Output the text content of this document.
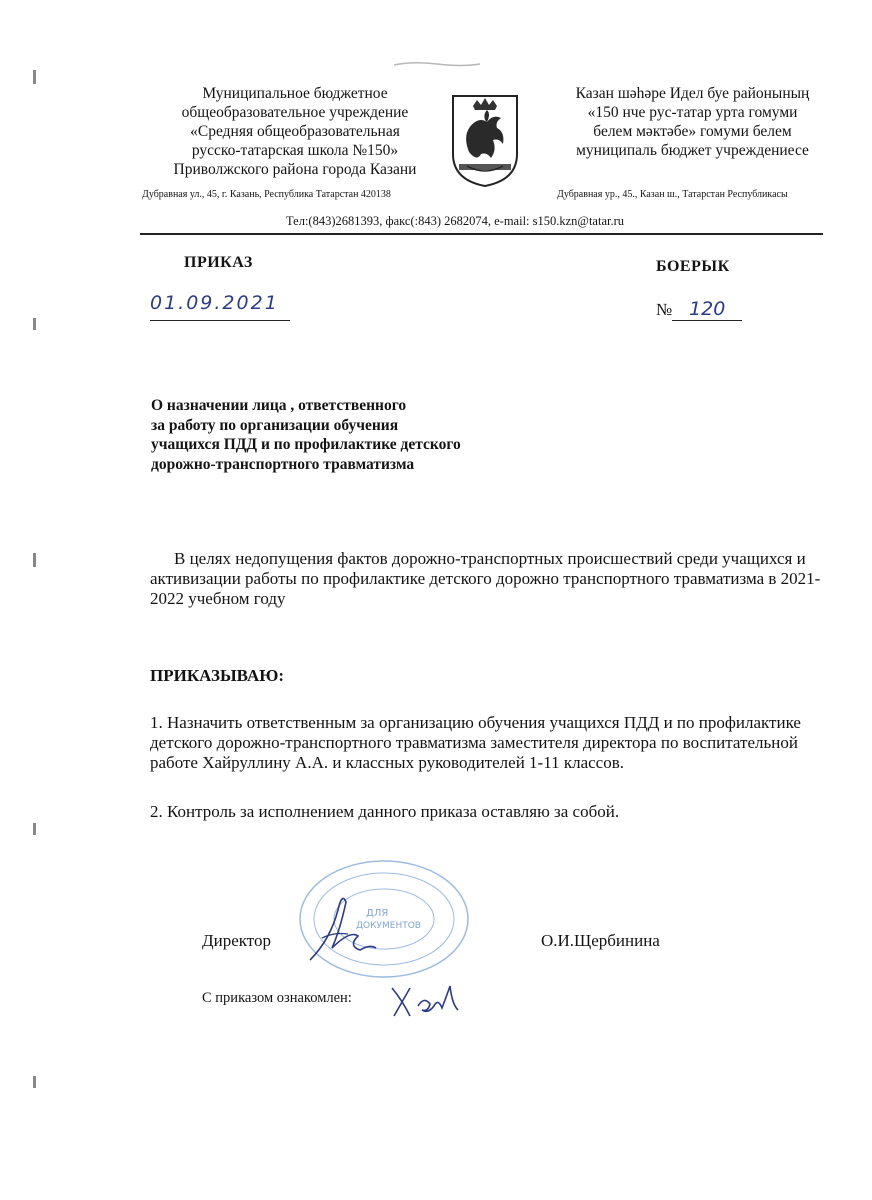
Муниципальное бюджетное
общеобразовательное учреждение
«Средняя общеобразовательная
русско-татарская школа №150»
Приволжского района города Казани
Казан шәһәре Идел буе районының
«150 нче рус-татар урта гомуми
белем мәктәбе» гомуми белем
муниципаль бюджет учреждениесе
Дубравная ул., 45, г. Казань, Республика Татарстан 420138	Дубравная ур., 45., Казан ш., Татарстан Республикасы
Тел:(843)2681393, факс(:843) 2682074, e-mail: s150.kzn@tatar.ru
ПРИКАЗ	БОЕРЫК
01.09.2021	№ 120
О назначении лица , ответственного
за работу по организации обучения
учащихся ПДД и по профилактике детского
дорожно-транспортного травматизма
В целях недопущения фактов дорожно-транспортных происшествий среди учащихся и активизации работы по профилактике детского дорожно транспортного травматизма в 2021-2022 учебном году
ПРИКАЗЫВАЮ:
1. Назначить ответственным за организацию обучения учащихся ПДД и по профилактике детского дорожно-транспортного травматизма заместителя директора по воспитательной работе Хайруллину А.А. и классных руководителей 1-11 классов.
2. Контроль за исполнением данного приказа оставляю за собой.
ДЛЯ
ДОКУМЕНТОВ
Директор	О.И.Щербинина
С приказом ознакомлен:
